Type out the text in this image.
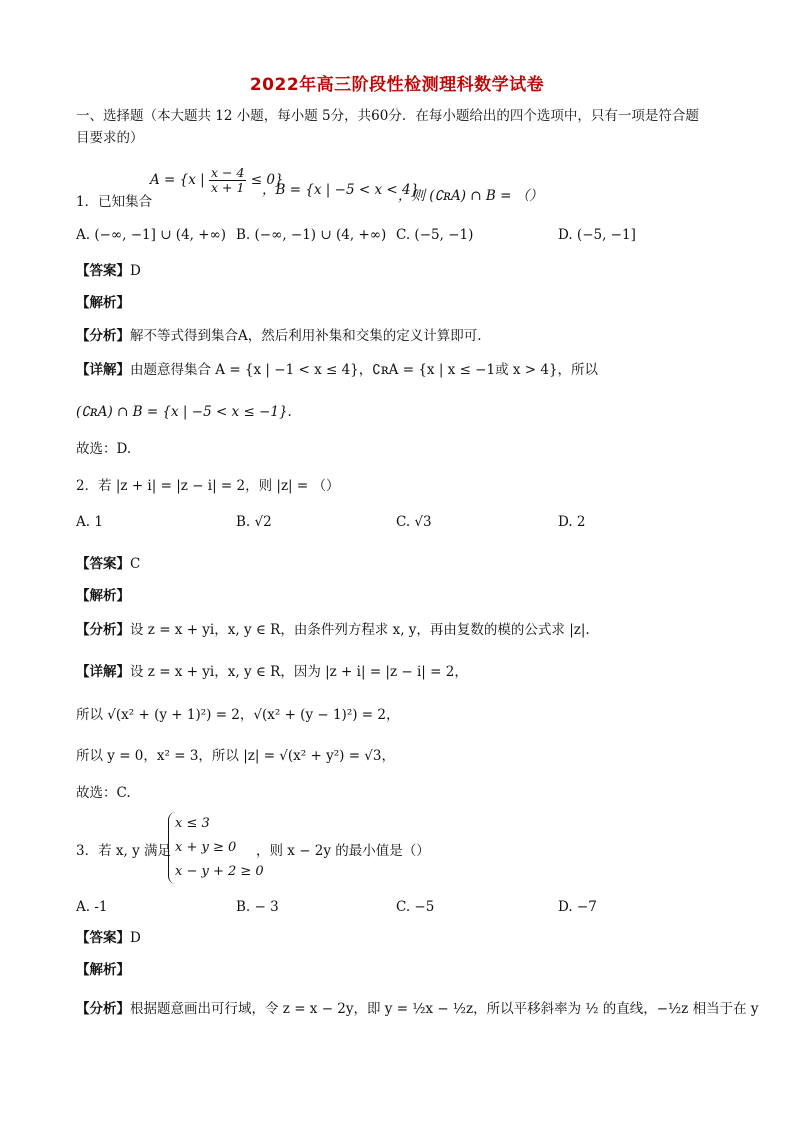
2022年高三阶段性检测理科数学试卷
一、选择题（本大题共 12 小题，每小题 5分，共60分．在每小题给出的四个选项中，只有一项是符合题
目要求的）
A = {x | $\frac{x - 4}{x + 1} \le 0$}
1．已知集合
，B = {x | −5 < x < 4}
，则 (∁ʀA) ∩ B = （）
A. (−∞, −1] ∪ (4, +∞) B. (−∞, −1) ∪ (4, +∞) C. (−5, −1)	D. (−5, −1]
【答案】D
【解析】
【分析】解不等式得到集合A，然后利用补集和交集的定义计算即可.
【详解】由题意得集合 A = {x | −1 < x ≤ 4}，∁ʀA = {x | x ≤ −1或 x > 4}，所以
(∁ʀA) ∩ B = {x | −5 < x ≤ −1}.
故选：D.
2．若 |z + i| = |z − i| = 2，则 |z| = （）
A. 1	B. √2	C. √3	D. 2
【答案】C
【解析】
【分析】设 z = x + yi，x, y ∈ R，由条件列方程求 x, y，再由复数的模的公式求 |z|.
【详解】设 z = x + yi，x, y ∈ R，因为 |z + i| = |z − i| = 2，
所以 √(x² + (y + 1)²) = 2，√(x² + (y − 1)²) = 2，
所以 y = 0，x² = 3，所以 |z| = √(x² + y²) = √3，
故选：C.
3．若 x, y 满足
x ≤ 3
x + y ≥ 0
x − y + 2 ≥ 0
，则 x − 2y 的最小值是（）
A. -1	B. − 3	C. −5	D. −7
【答案】D
【解析】
【分析】根据题意画出可行域，令 z = x − 2y，即 y = ½x − ½z，所以平移斜率为 ½ 的直线，−½z 相当于在 y
